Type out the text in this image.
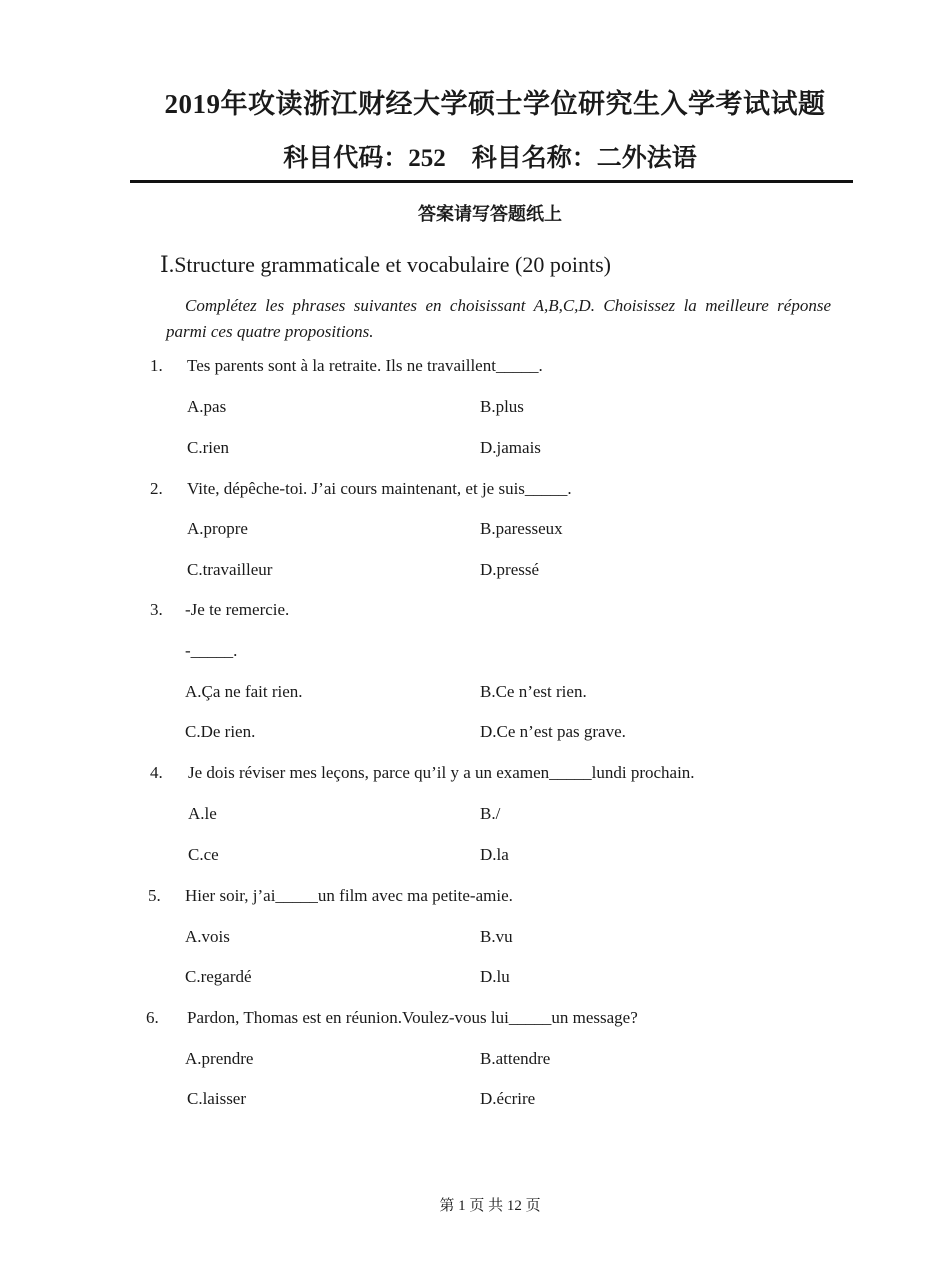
2019年攻读浙江财经大学硕士学位研究生入学考试试题
科目代码：252 科目名称：二外法语
答案请写答题纸上
Ⅰ.Structure grammaticale et vocabulaire (20 points)
Complétez les phrases suivantes en choisissant A,B,C,D. Choisissez la meilleure réponse parmi ces quatre propositions.
1. Tes parents sont à la retraite. Ils ne travaillent_____.
A.pas	B.plus
C.rien	D.jamais
2. Vite, dépêche-toi. J’ai cours maintenant, et je suis_____.
A.propre	B.paresseux
C.travailleur	D.pressé
3. -Je te remercie.
-_____.
A.Ça ne fait rien.	B.Ce n’est rien.
C.De rien.	D.Ce n’est pas grave.
4. Je dois réviser mes leçons, parce qu’il y a un examen_____lundi prochain.
A.le	B./
C.ce	D.la
5. Hier soir, j’ai_____un film avec ma petite-amie.
A.vois	B.vu
C.regardé	D.lu
6. Pardon, Thomas est en réunion.Voulez-vous lui_____un message?
A.prendre	B.attendre
C.laisser	D.écrire
第 1 页 共 12 页
